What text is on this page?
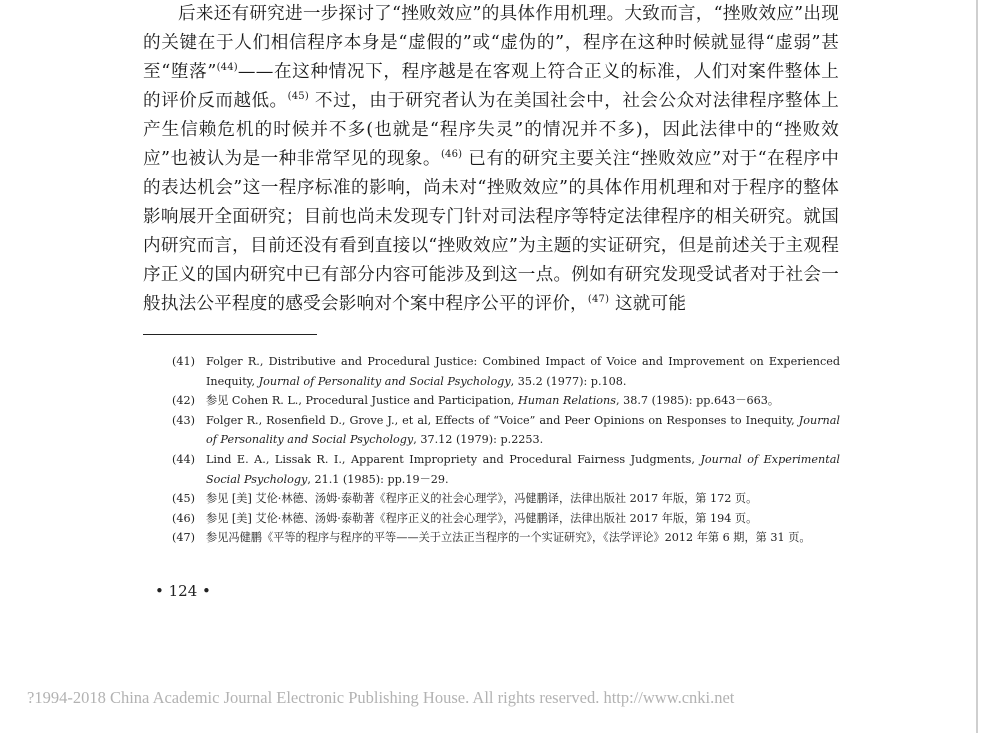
后来还有研究进一步探讨了“挫败效应”的具体作用机理。大致而言，“挫败效应”出现的关键在于人们相信程序本身是“虚假的”或“虚伪的”，程序在这种时候就显得“虚弱”甚至“堕落”$^{(44)}$——在这种情况下，程序越是在客观上符合正义的标准，人们对案件整体上的评价反而越低。$^{(45)}$ 不过，由于研究者认为在美国社会中，社会公众对法律程序整体上产生信赖危机的时候并不多(也就是“程序失灵”的情况并不多)，因此法律中的“挫败效应”也被认为是一种非常罕见的现象。$^{(46)}$ 已有的研究主要关注“挫败效应”对于“在程序中的表达机会”这一程序标准的影响，尚未对“挫败效应”的具体作用机理和对于程序的整体影响展开全面研究；目前也尚未发现专门针对司法程序等特定法律程序的相关研究。就国内研究而言，目前还没有看到直接以“挫败效应”为主题的实证研究，但是前述关于主观程序正义的国内研究中已有部分内容可能涉及到这一点。例如有研究发现受试者对于社会一般执法公平程度的感受会影响对个案中程序公平的评价，$^{(47)}$ 这就可能

(41) Folger R., Distributive and Procedural Justice: Combined Impact of Voice and Improvement on Experienced Inequity, Journal of Personality and Social Psychology, 35.2 (1977): p.108.
(42) 参见 Cohen R. L., Procedural Justice and Participation, Human Relations, 38.7 (1985): pp.643－663。
(43) Folger R., Rosenfield D., Grove J., et al, Effects of “Voice” and Peer Opinions on Responses to Inequity, Journal of Personality and Social Psychology, 37.12 (1979): p.2253.
(44) Lind E. A., Lissak R. I., Apparent Impropriety and Procedural Fairness Judgments, Journal of Experimental Social Psychology, 21.1 (1985): pp.19－29.
(45) 参见 [美] 艾伦·林德、汤姆·泰勒著《程序正义的社会心理学》，冯健鹏译，法律出版社 2017 年版，第 172 页。
(46) 参见 [美] 艾伦·林德、汤姆·泰勒著《程序正义的社会心理学》，冯健鹏译，法律出版社 2017 年版，第 194 页。
(47) 参见冯健鹏《平等的程序与程序的平等——关于立法正当程序的一个实证研究》，《法学评论》2012 年第 6 期，第 31 页。
• 124 •
?1994-2018 China Academic Journal Electronic Publishing House. All rights reserved. http://www.cnki.net
